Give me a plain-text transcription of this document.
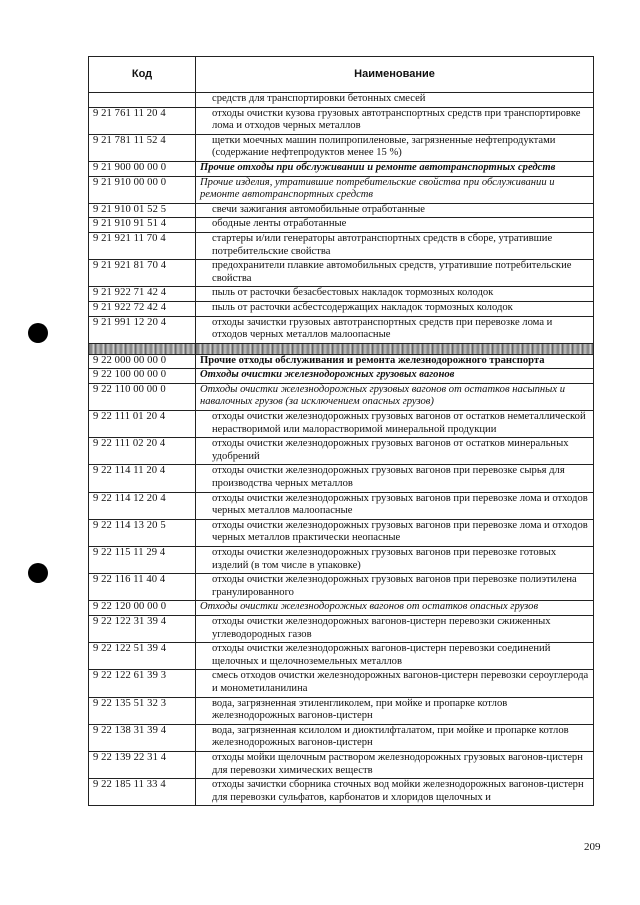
Код	Наименование
	средств для транспортировки бетонных смесей
9 21 761 11 20 4	отходы очистки кузова грузовых автотранспортных средств при транспортировке лома и отходов черных металлов
9 21 781 11 52 4	щетки моечных машин полипропиленовые, загрязненные нефтепродуктами (содержание нефтепродуктов менее 15 %)
9 21 900 00 00 0	Прочие отходы при обслуживании и ремонте автотранспортных средств
9 21 910 00 00 0	Прочие изделия, утратившие потребительские свойства при обслуживании и ремонте автотранспортных средств
9 21 910 01 52 5	свечи зажигания автомобильные отработанные
9 21 910 91 51 4	ободные ленты отработанные
9 21 921 11 70 4	стартеры и/или генераторы автотранспортных средств в сборе, утратившие потребительские свойства
9 21 921 81 70 4	предохранители плавкие автомобильных средств, утратившие потребительские свойства
9 21 922 71 42 4	пыль от расточки безасбестовых накладок тормозных колодок
9 21 922 72 42 4	пыль от расточки асбестсодержащих накладок тормозных колодок
9 21 991 12 20 4	отходы зачистки грузовых автотранспортных средств при перевозке лома и отходов черных металлов малоопасные

9 22 000 00 00 0	Прочие отходы обслуживания и ремонта железнодорожного транспорта
9 22 100 00 00 0	Отходы очистки железнодорожных грузовых вагонов
9 22 110 00 00 0	Отходы очистки железнодорожных грузовых вагонов от остатков насыпных и навалочных грузов (за исключением опасных грузов)
9 22 111 01 20 4	отходы очистки железнодорожных грузовых вагонов от остатков неметаллической нерастворимой или малорастворимой минеральной продукции
9 22 111 02 20 4	отходы очистки железнодорожных грузовых вагонов от остатков минеральных удобрений
9 22 114 11 20 4	отходы очистки железнодорожных грузовых вагонов при перевозке сырья для производства черных металлов
9 22 114 12 20 4	отходы очистки железнодорожных грузовых вагонов при перевозке лома и отходов черных металлов малоопасные
9 22 114 13 20 5	отходы очистки железнодорожных грузовых вагонов при перевозке лома и отходов черных металлов практически неопасные
9 22 115 11 29 4	отходы очистки железнодорожных грузовых вагонов при перевозке готовых изделий (в том числе в упаковке)
9 22 116 11 40 4	отходы очистки железнодорожных грузовых вагонов при перевозке полиэтилена гранулированного
9 22 120 00 00 0	Отходы очистки железнодорожных вагонов от остатков опасных грузов
9 22 122 31 39 4	отходы очистки железнодорожных вагонов-цистерн перевозки сжиженных углеводородных газов
9 22 122 51 39 4	отходы очистки железнодорожных вагонов-цистерн перевозки соединений щелочных и щелочноземельных металлов
9 22 122 61 39 3	смесь отходов очистки железнодорожных вагонов-цистерн перевозки сероуглерода и монометиланилина
9 22 135 51 32 3	вода, загрязненная этиленгликолем, при мойке и пропарке котлов железнодорожных вагонов-цистерн
9 22 138 31 39 4	вода, загрязненная ксилолом и диоктилфталатом, при мойке и пропарке котлов железнодорожных вагонов-цистерн
9 22 139 22 31 4	отходы мойки щелочным раствором железнодорожных грузовых вагонов-цистерн для перевозки химических веществ
9 22 185 11 33 4	отходы зачистки сборника сточных вод мойки железнодорожных вагонов-цистерн для перевозки сульфатов, карбонатов и хлоридов щелочных и
209
